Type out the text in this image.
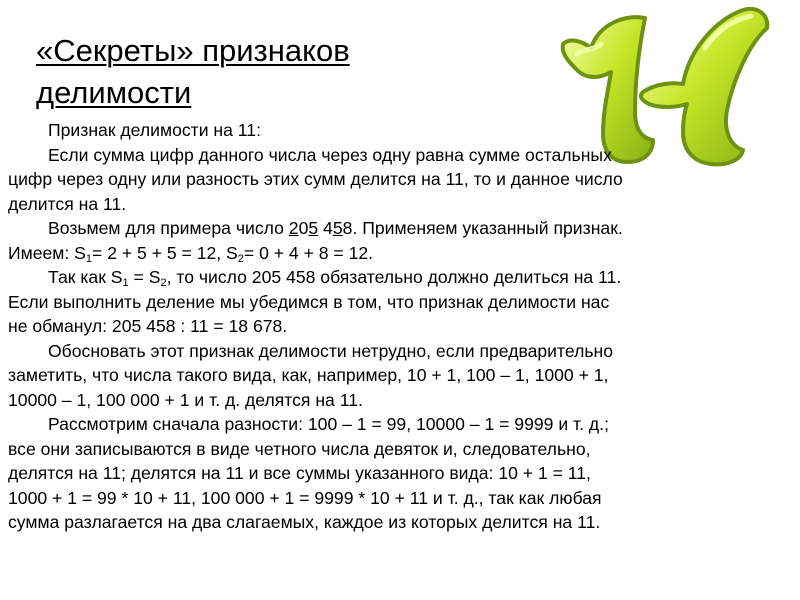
«Секреты» признаков
делимости
Признак делимости на 11:
Если сумма цифр данного числа через одну равна сумме остальных
цифр через одну или разность этих сумм делится на 11, то и данное число
делится на 11.
Возьмем для примера число 205 458. Применяем указанный признак.
Имеем: $S_1= 2 + 5 + 5 = 12$, $S_2= 0 + 4 + 8 = 12$.
Так как $S_1 = S_2$, то число 205 458 обязательно должно делиться на 11.
Если выполнить деление мы убедимся в том, что признак делимости нас
не обманул: 205 458 : 11 = 18 678.
Обосновать этот признак делимости нетрудно, если предварительно
заметить, что числа такого вида, как, например, 10 + 1, 100 – 1, 1000 + 1,
10000 – 1, 100 000 + 1 и т. д. делятся на 11.
Рассмотрим сначала разности: 100 – 1 = 99, 10000 – 1 = 9999 и т. д.;
все они записываются в виде четного числа девяток и, следовательно,
делятся на 11; делятся на 11 и все суммы указанного вида: 10 + 1 = 11,
1000 + 1 = 99 * 10 + 11, 100 000 + 1 = 9999 * 10 + 11 и т. д., так как любая
сумма разлагается на два слагаемых, каждое из которых делится на 11.
